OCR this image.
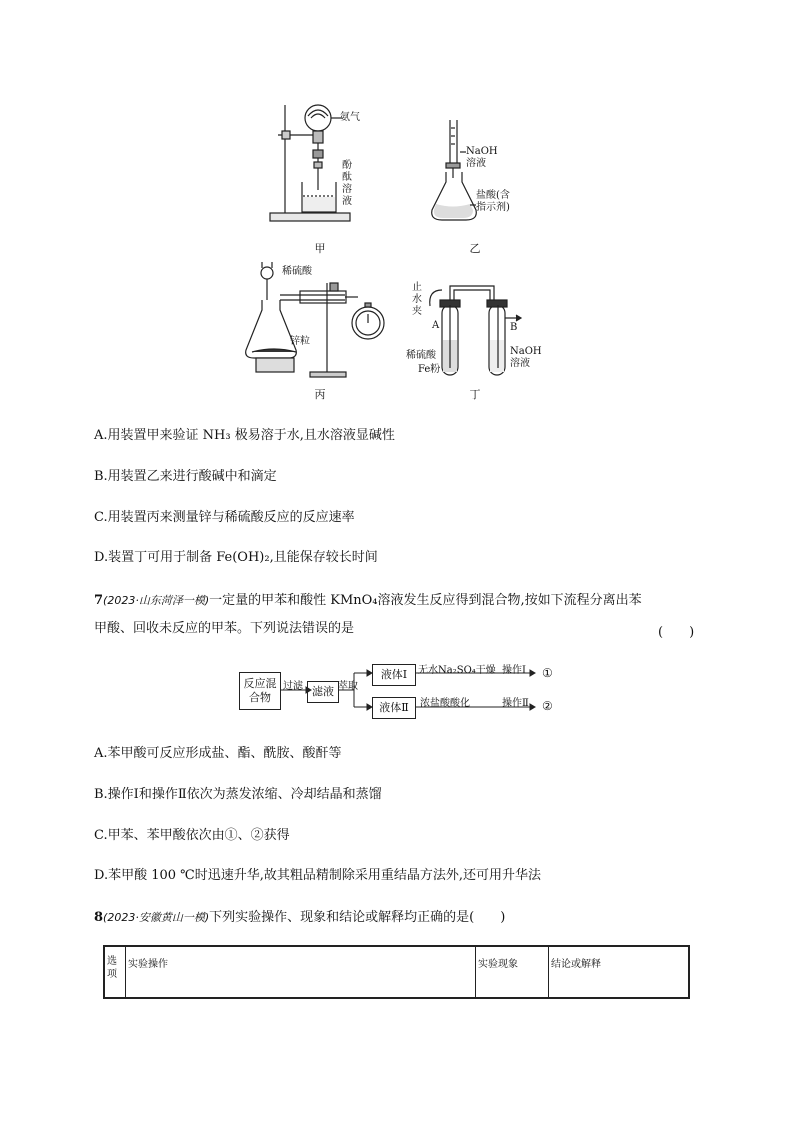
氨气
酚
酞
溶
液
甲
NaOH
溶液
盐酸(含
指示剂)
乙
稀硫酸
锌粒
丙
止
水
夹
A	B
稀硫酸
Fe粉
NaOH
溶液
丁
A.用装置甲来验证 NH₃ 极易溶于水,且水溶液显碱性
B.用装置乙来进行酸碱中和滴定
C.用装置丙来测量锌与稀硫酸反应的反应速率
D.装置丁可用于制备 Fe(OH)₂,且能保存较长时间
7(2023·山东菏泽一模)一定量的甲苯和酸性 KMnO₄溶液发生反应得到混合物,按如下流程分离出苯
甲酸、回收未反应的甲苯。下列说法错误的是	(　　)
反应混
合物	滤液
液体Ⅰ
液体Ⅱ
过滤	萃取
无水Na₂SO₄干燥 操作Ⅰ ①
浓盐酸酸化	操作Ⅱ ②
A.苯甲酸可反应形成盐、酯、酰胺、酸酐等
B.操作Ⅰ和操作Ⅱ依次为蒸发浓缩、冷却结晶和蒸馏
C.甲苯、苯甲酸依次由①、②获得
D.苯甲酸 100 ℃时迅速升华,故其粗品精制除采用重结晶方法外,还可用升华法
8(2023·安徽黄山一模)下列实验操作、现象和结论或解释均正确的是(　　)
选项	实验操作	实验现象	结论或解释
